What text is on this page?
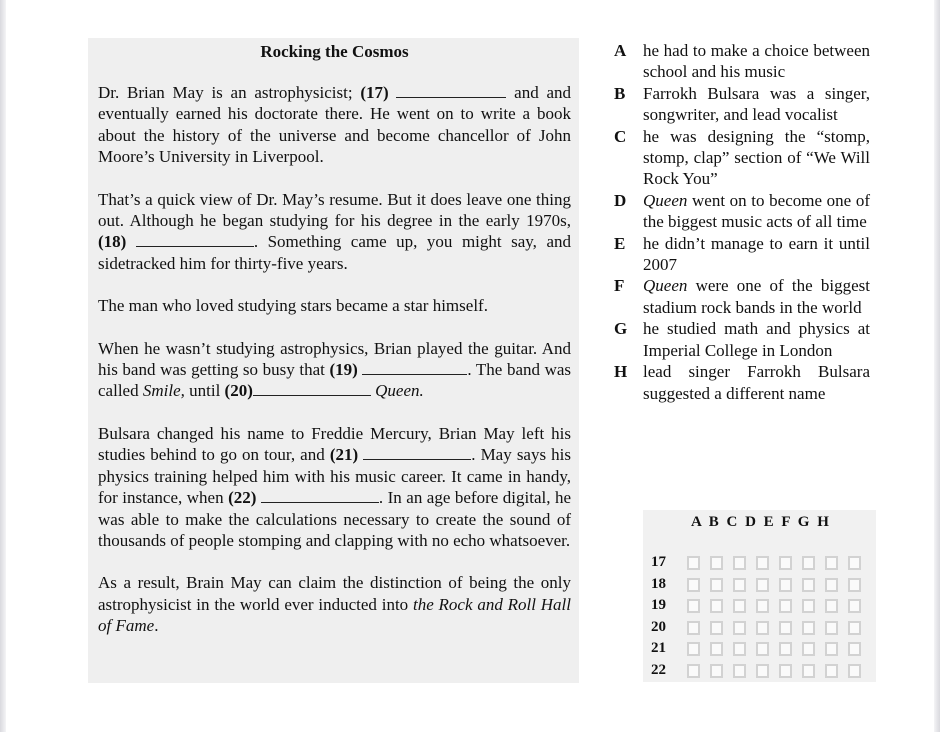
Rocking the Cosmos

Dr. Brian May is an astrophysicist; (17)	and and eventually earned his doctorate there. He went on to write a book about the history of the universe and become chancellor of John Moore’s University in Liverpool.

That’s a quick view of Dr. May’s resume. But it does leave one thing out. Although he began studying for his degree in the early 1970s, (18)	. Something came up, you might say, and sidetracked him for thirty-five years.

The man who loved studying stars became a star himself.

When he wasn’t studying astrophysics, Brian played the guitar. And his band was getting so busy that (19)	. The band was called Smile, until (20)	Queen.

Bulsara changed his name to Freddie Mercury, Brian May left his studies behind to go on tour, and (21)	. May says his physics training helped him with his music career. It came in handy, for instance, when (22)	. In an age before digital, he was able to make the calculations necessary to create the sound of thousands of people stomping and clapping with no echo whatsoever.

As a result, Brain May can claim the distinction of being the only astrophysicist in the world ever inducted into the Rock and Roll Hall of Fame.

A he had to make a choice between school and his music
B	Farrokh Bulsara was a singer, songwriter, and lead vocalist
C he was designing the “stomp, stomp, clap” section of “We Will Rock You”
D Queen went on to become one of the biggest music acts of all time
E	he didn’t manage to earn it until 2007
F	Queen were one of the biggest stadium rock bands in the world
G he studied math and physics at Imperial College in London
H lead singer Farrokh Bulsara suggested a different name
A B C D E F G H
17
18
19
20
21
22
